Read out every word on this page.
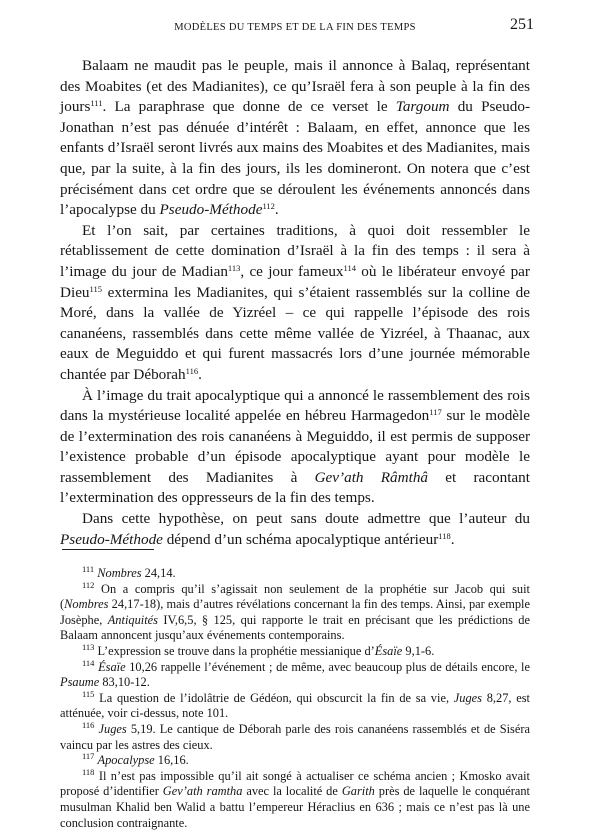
MODÈLES DU TEMPS ET DE LA FIN DES TEMPS	251

Balaam ne maudit pas le peuple, mais il annonce à Balaq, représentant des Moabites (et des Madianites), ce qu’Israël fera à son peuple à la fin des jours$^{111}$. La paraphrase que donne de ce verset le Targoum du Pseudo-Jonathan n’est pas dénuée d’intérêt : Balaam, en effet, annonce que les enfants d’Israël seront livrés aux mains des Moabites et des Madianites, mais que, par la suite, à la fin des jours, ils les domineront. On notera que c’est précisément dans cet ordre que se déroulent les événements annoncés dans l’apocalypse du Pseudo-Méthode$^{112}$.

Et l’on sait, par certaines traditions, à quoi doit ressembler le rétablissement de cette domination d’Israël à la fin des temps : il sera à l’image du jour de Madian$^{113}$, ce jour fameux$^{114}$ où le libérateur envoyé par Dieu$^{115}$ extermina les Madianites, qui s’étaient rassemblés sur la colline de Moré, dans la vallée de Yizréel – ce qui rappelle l’épisode des rois cananéens, rassemblés dans cette même vallée de Yizréel, à Thaanac, aux eaux de Meguiddo et qui furent massacrés lors d’une journée mémorable chantée par Déborah$^{116}$.

À l’image du trait apocalyptique qui a annoncé le rassemblement des rois dans la mystérieuse localité appelée en hébreu Harmagedon$^{117}$ sur le modèle de l’extermination des rois cananéens à Meguiddo, il est permis de supposer l’existence probable d’un épisode apocalyptique ayant pour modèle le rassemblement des Madianites à Gev’ath Râmthâ et racontant l’extermination des oppresseurs de la fin des temps.

Dans cette hypothèse, on peut sans doute admettre que l’auteur du Pseudo-Méthode dépend d’un schéma apocalyptique antérieur$^{118}$.

$^{111}$ Nombres 24,14.

$^{112}$ On a compris qu’il s’agissait non seulement de la prophétie sur Jacob qui suit (Nombres 24,17-18), mais d’autres révélations concernant la fin des temps. Ainsi, par exemple Josèphe, Antiquités IV,6,5, § 125, qui rapporte le trait en précisant que les prédictions de Balaam annoncent jusqu’aux événements contemporains.

$^{113}$ L’expression se trouve dans la prophétie messianique d’Ésaïe 9,1-6.

$^{114}$ Ésaïe 10,26 rappelle l’événement ; de même, avec beaucoup plus de détails encore, le Psaume 83,10-12.

$^{115}$ La question de l’idolâtrie de Gédéon, qui obscurcit la fin de sa vie, Juges 8,27, est atténuée, voir ci-dessus, note 101.

$^{116}$ Juges 5,19. Le cantique de Déborah parle des rois cananéens rassemblés et de Siséra vaincu par les astres des cieux.

$^{117}$ Apocalypse 16,16.

$^{118}$ Il n’est pas impossible qu’il ait songé à actualiser ce schéma ancien ; Kmosko avait proposé d’identifier Gev’ath ramtha avec la localité de Garith près de laquelle le conquérant musulman Khalid ben Walid a battu l’empereur Héraclius en 636 ; mais ce n’est pas là une conclusion contraignante.
